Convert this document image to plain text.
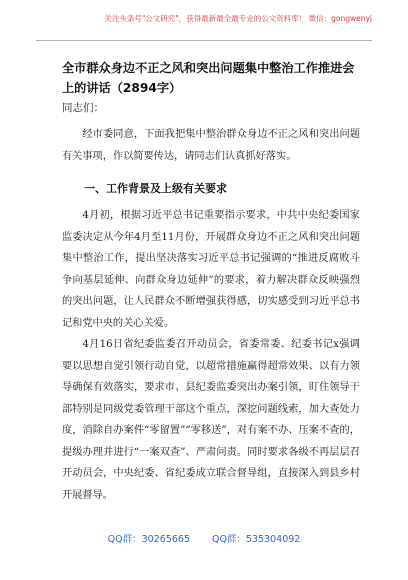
关注头条号"公文研究"，获得最新最全最专业的公文资料库！ 微信：gongwenyj

全市群众身边不正之风和突出问题集中整治工作推进会上的讲话（2894字）

同志们：

经市委同意，下面我把集中整治群众身边不正之风和突出问题有关事项，作以简要传达，请同志们认真抓好落实。

一、工作背景及上级有关要求

4月初，根据习近平总书记重要指示要求，中共中央纪委国家监委决定从今年4月至11月份，开展群众身边不正之风和突出问题集中整治工作，提出坚决落实习近平总书记强调的“推进反腐败斗争向基层延伸、向群众身边延伸”的要求，着力解决群众反映强烈的突出问题，让人民群众不断增强获得感，切实感受到习近平总书记和党中央的关心关爱。

4月16日省纪委监委召开动员会，省委常委、纪委书记x强调要以思想自觉引领行动自觉，以超常措施赢得超常效果、以有力领导确保有效落实，要求市、县纪委监委突出办案引领，盯住领导干部特别是同级党委管理干部这个重点，深挖问题线索，加大查处力度，消除自办案件“零留置”“零移送”，对有案不办、压案不查的，提级办理并进行“一案双查”、严肃问责。同时要求各级不再层层召开动员会，中央纪委、省纪委成立联合督导组，直接深入到县乡村开展督导。

QQ群：30265665 QQ群：535304092
